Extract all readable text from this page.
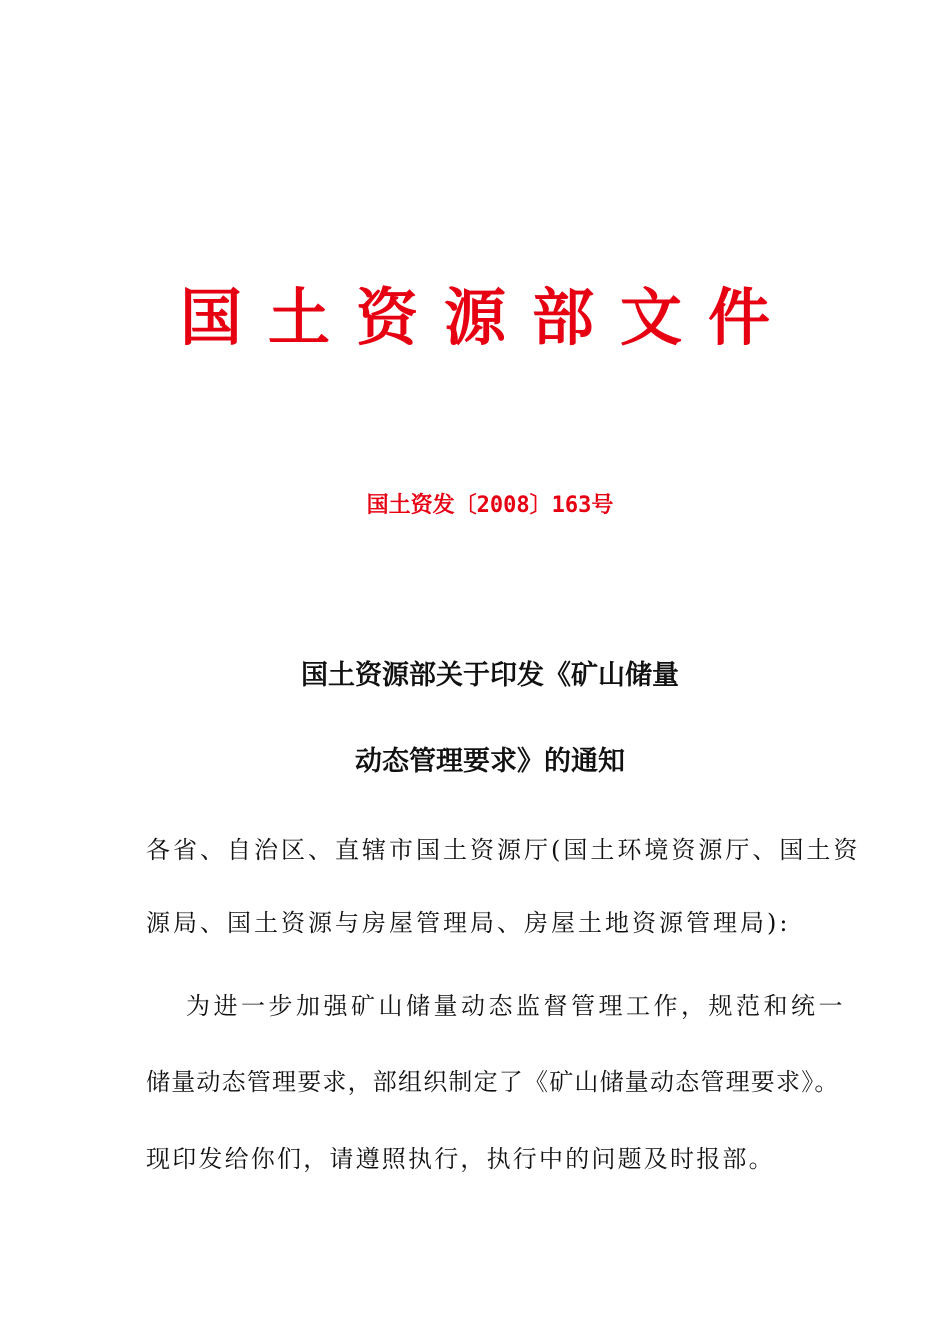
国土资源部文件
国土资发〔2008〕163号
国土资源部关于印发《矿山储量
动态管理要求》的通知
各省、自治区、直辖市国土资源厅(国土环境资源厅、国土资
源局、国土资源与房屋管理局、房屋土地资源管理局):
为进一步加强矿山储量动态监督管理工作，规范和统一
储量动态管理要求，部组织制定了《矿山储量动态管理要求》。
现印发给你们，请遵照执行，执行中的问题及时报部。
